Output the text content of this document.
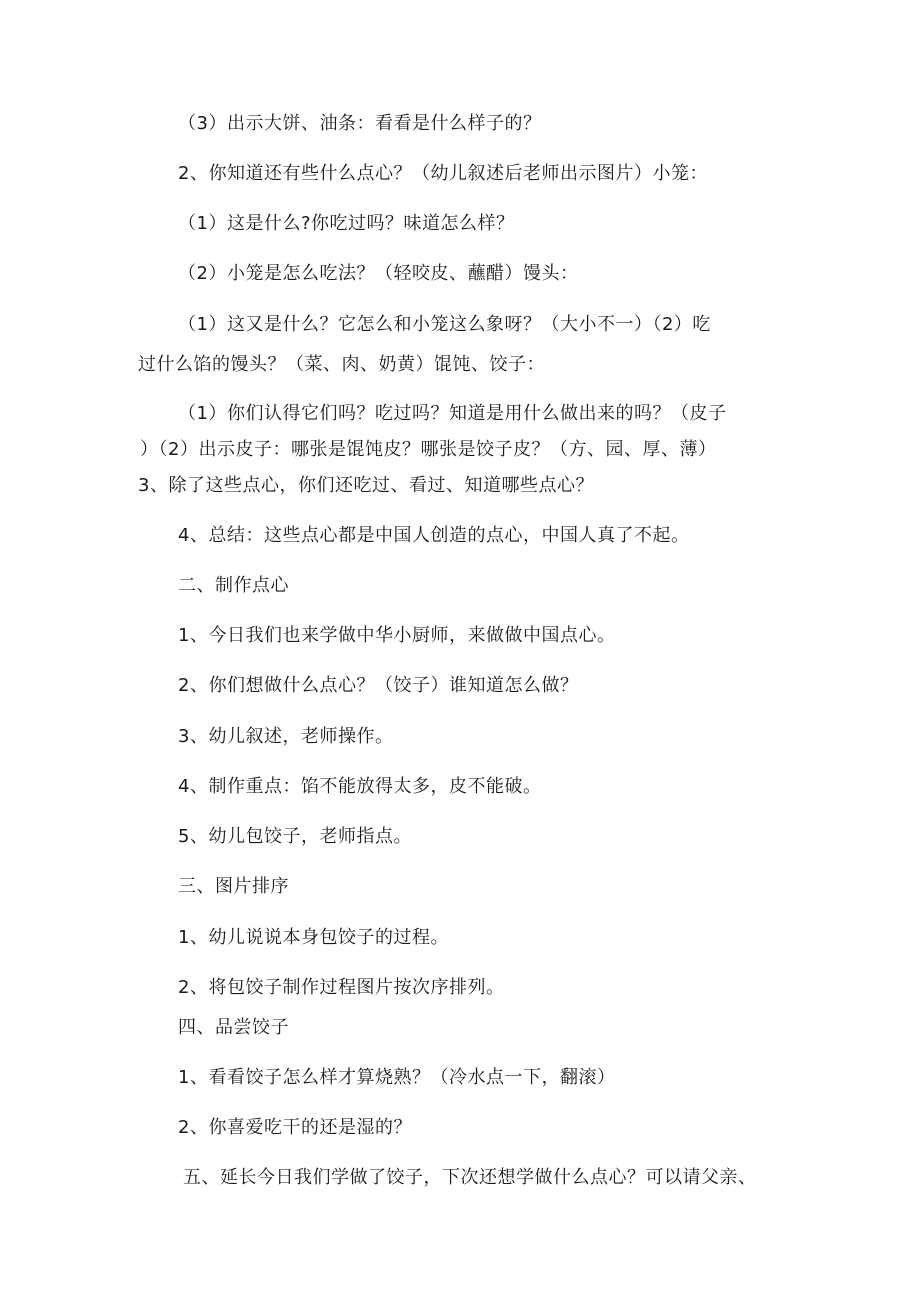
（3）出示大饼、油条：看看是什么样子的？
2、你知道还有些什么点心？（幼儿叙述后老师出示图片）小笼：
（1）这是什么?你吃过吗？味道怎么样？
（2）小笼是怎么吃法？（轻咬皮、蘸醋）馒头：
（1）这又是什么？它怎么和小笼这么象呀？（大小不一）（2）吃
过什么馅的馒头？（菜、肉、奶黄）馄饨、饺子：
（1）你们认得它们吗？吃过吗？知道是用什么做出来的吗？（皮子
）（2）出示皮子：哪张是馄饨皮？哪张是饺子皮？（方、园、厚、薄）
3、除了这些点心，你们还吃过、看过、知道哪些点心？
4、总结：这些点心都是中国人创造的点心，中国人真了不起。
二、制作点心
1、今日我们也来学做中华小厨师，来做做中国点心。
2、你们想做什么点心？（饺子）谁知道怎么做？
3、幼儿叙述，老师操作。
4、制作重点：馅不能放得太多，皮不能破。
5、幼儿包饺子，老师指点。
三、图片排序
1、幼儿说说本身包饺子的过程。
2、将包饺子制作过程图片按次序排列。
四、品尝饺子
1、看看饺子怎么样才算烧熟？（冷水点一下，翻滚）
2、你喜爱吃干的还是湿的？
五、延长今日我们学做了饺子，下次还想学做什么点心？可以请父亲、
